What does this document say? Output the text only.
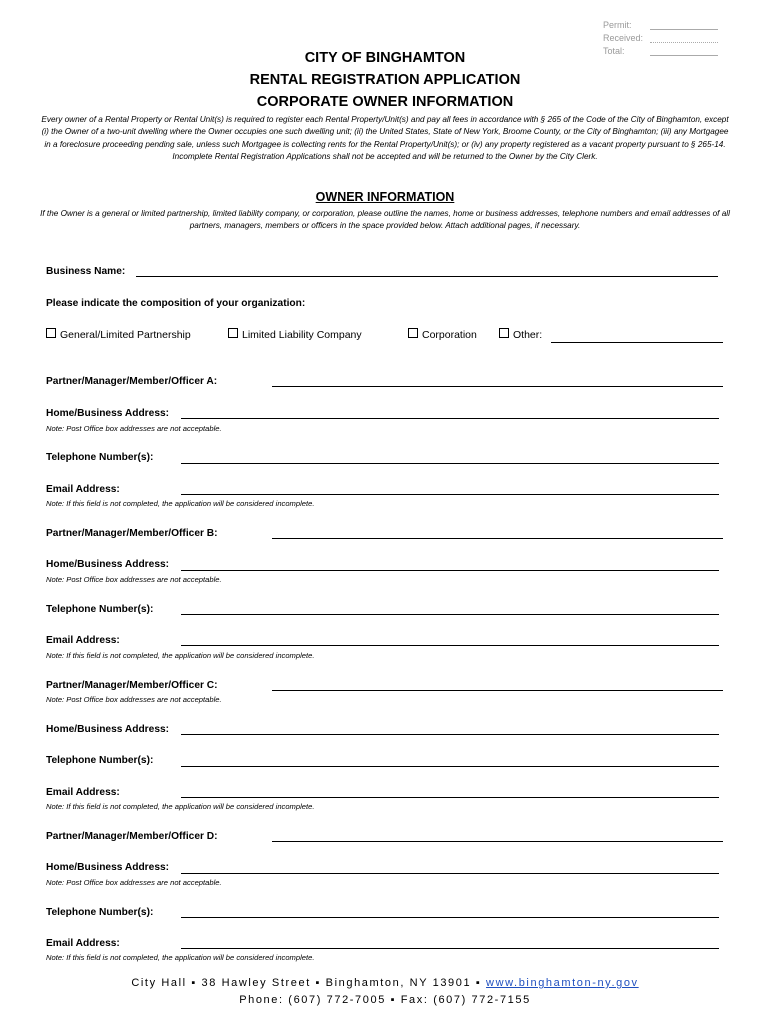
Permit:
Received:
Total:
CITY OF BINGHAMTON
RENTAL REGISTRATION APPLICATION
CORPORATE OWNER INFORMATION
Every owner of a Rental Property or Rental Unit(s) is required to register each Rental Property/Unit(s) and pay all fees in accordance with § 265 of the Code of the City of Binghamton, except (i) the Owner of a two-unit dwelling where the Owner occupies one such dwelling unit; (ii) the United States, State of New York, Broome County, or the City of Binghamton; (iii) any Mortgagee in a foreclosure proceeding pending sale, unless such Mortgagee is collecting rents for the Rental Property/Unit(s); or (iv) any property registered as a vacant property pursuant to § 265-14. Incomplete Rental Registration Applications shall not be accepted and will be returned to the Owner by the City Clerk.
OWNER INFORMATION
If the Owner is a general or limited partnership, limited liability company, or corporation, please outline the names, home or business addresses, telephone numbers and email addresses of all partners, managers, members or officers in the space provided below. Attach additional pages, if necessary.
Business Name:
Please indicate the composition of your organization:
General/Limited Partnership	Limited Liability Company	Corporation	Other:
Partner/Manager/Member/Officer A:
Home/Business Address:
Note: Post Office box addresses are not acceptable.
Telephone Number(s):
Email Address:
Note: If this field is not completed, the application will be considered incomplete.
Partner/Manager/Member/Officer B:
Home/Business Address:
Note: Post Office box addresses are not acceptable.
Telephone Number(s):
Email Address:
Note: If this field is not completed, the application will be considered incomplete.
Partner/Manager/Member/Officer C:
Note: Post Office box addresses are not acceptable.
Home/Business Address:
Telephone Number(s):
Email Address:
Note: If this field is not completed, the application will be considered incomplete.
Partner/Manager/Member/Officer D:
Home/Business Address:
Note: Post Office box addresses are not acceptable.
Telephone Number(s):
Email Address:
Note: If this field is not completed, the application will be considered incomplete.
City Hall ▪ 38 Hawley Street ▪ Binghamton, NY 13901 ▪ www.binghamton-ny.gov
Phone: (607) 772-7005 ▪ Fax: (607) 772-7155
